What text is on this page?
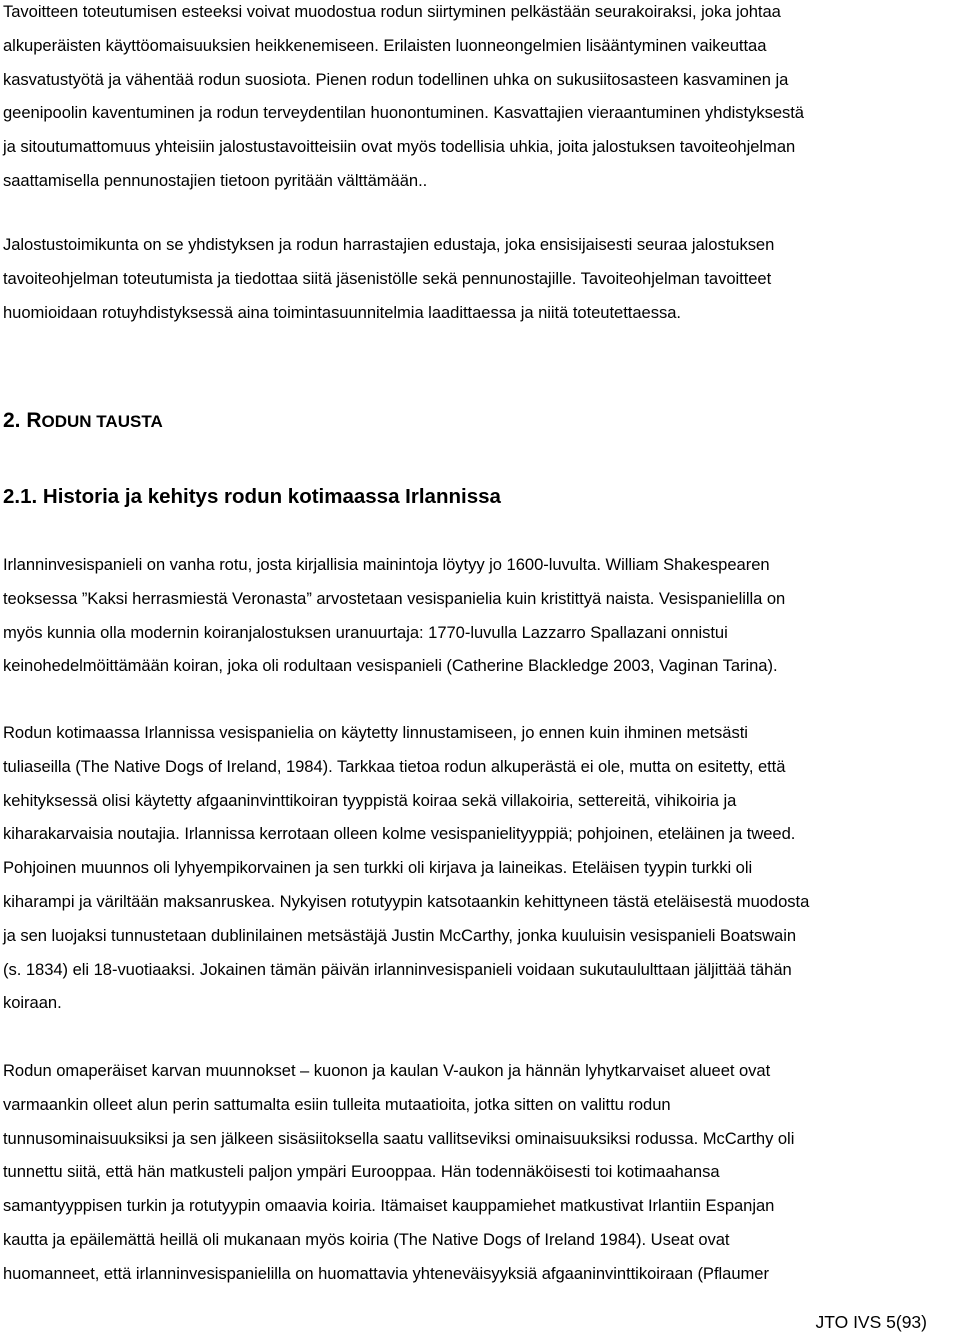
Tavoitteen toteutumisen esteeksi voivat muodostua rodun siirtyminen pelkästään seurakoiraksi, joka johtaa
alkuperäisten käyttöomaisuuksien heikkenemiseen. Erilaisten luonneongelmien lisääntyminen vaikeuttaa
kasvatustyötä ja vähentää rodun suosiota. Pienen rodun todellinen uhka on sukusiitosasteen kasvaminen ja
geenipoolin kaventuminen ja rodun terveydentilan huonontuminen. Kasvattajien vieraantuminen yhdistyksestä
ja sitoutumattomuus yhteisiin jalostustavoitteisiin ovat myös todellisia uhkia, joita jalostuksen tavoiteohjelman
saattamisella pennunostajien tietoon pyritään välttämään..

Jalostustoimikunta on se yhdistyksen ja rodun harrastajien edustaja, joka ensisijaisesti seuraa jalostuksen
tavoiteohjelman toteutumista ja tiedottaa siitä jäsenistölle sekä pennunostajille. Tavoiteohjelman tavoitteet
huomioidaan rotuyhdistyksessä aina toimintasuunnitelmia laadittaessa ja niitä toteutettaessa.

2. RODUN TAUSTA
2.1. Historia ja kehitys rodun kotimaassa Irlannissa

Irlanninvesispanieli on vanha rotu, josta kirjallisia mainintoja löytyy jo 1600-luvulta. William Shakespearen
teoksessa ”Kaksi herrasmiestä Veronasta” arvostetaan vesispanielia kuin kristittyä naista. Vesispanielilla on
myös kunnia olla modernin koiranjalostuksen uranuurtaja: 1770-luvulla Lazzarro Spallazani onnistui
keinohedelmöittämään koiran, joka oli rodultaan vesispanieli (Catherine Blackledge 2003, Vaginan Tarina).

Rodun kotimaassa Irlannissa vesispanielia on käytetty linnustamiseen, jo ennen kuin ihminen metsästi
tuliaseilla (The Native Dogs of Ireland, 1984). Tarkkaa tietoa rodun alkuperästä ei ole, mutta on esitetty, että
kehityksessä olisi käytetty afgaaninvinttikoiran tyyppistä koiraa sekä villakoiria, settereitä, vihikoiria ja
kiharakarvaisia noutajia. Irlannissa kerrotaan olleen kolme vesispanielityyppiä; pohjoinen, eteläinen ja tweed.
Pohjoinen muunnos oli lyhyempikorvainen ja sen turkki oli kirjava ja laineikas. Eteläisen tyypin turkki oli
kiharampi ja väriltään maksanruskea. Nykyisen rotutyypin katsotaankin kehittyneen tästä eteläisestä muodosta
ja sen luojaksi tunnustetaan dublinilainen metsästäjä Justin McCarthy, jonka kuuluisin vesispanieli Boatswain
(s. 1834) eli 18-vuotiaaksi. Jokainen tämän päivän irlanninvesispanieli voidaan sukutaululttaan jäljittää tähän
koiraan.

Rodun omaperäiset karvan muunnokset – kuonon ja kaulan V-aukon ja hännän lyhytkarvaiset alueet ovat
varmaankin olleet alun perin sattumalta esiin tulleita mutaatioita, jotka sitten on valittu rodun
tunnusominaisuuksiksi ja sen jälkeen sisäsiitoksella saatu vallitseviksi ominaisuuksiksi rodussa. McCarthy oli
tunnettu siitä, että hän matkusteli paljon ympäri Eurooppaa. Hän todennäköisesti toi kotimaahansa
samantyyppisen turkin ja rotutyypin omaavia koiria. Itämaiset kauppamiehet matkustivat Irlantiin Espanjan
kautta ja epäilemättä heillä oli mukanaan myös koiria (The Native Dogs of Ireland 1984). Useat ovat
huomanneet, että irlanninvesispanielilla on huomattavia yhteneväisyyksiä afgaaninvinttikoiraan (Pflaumer

JTO IVS 5(93)
